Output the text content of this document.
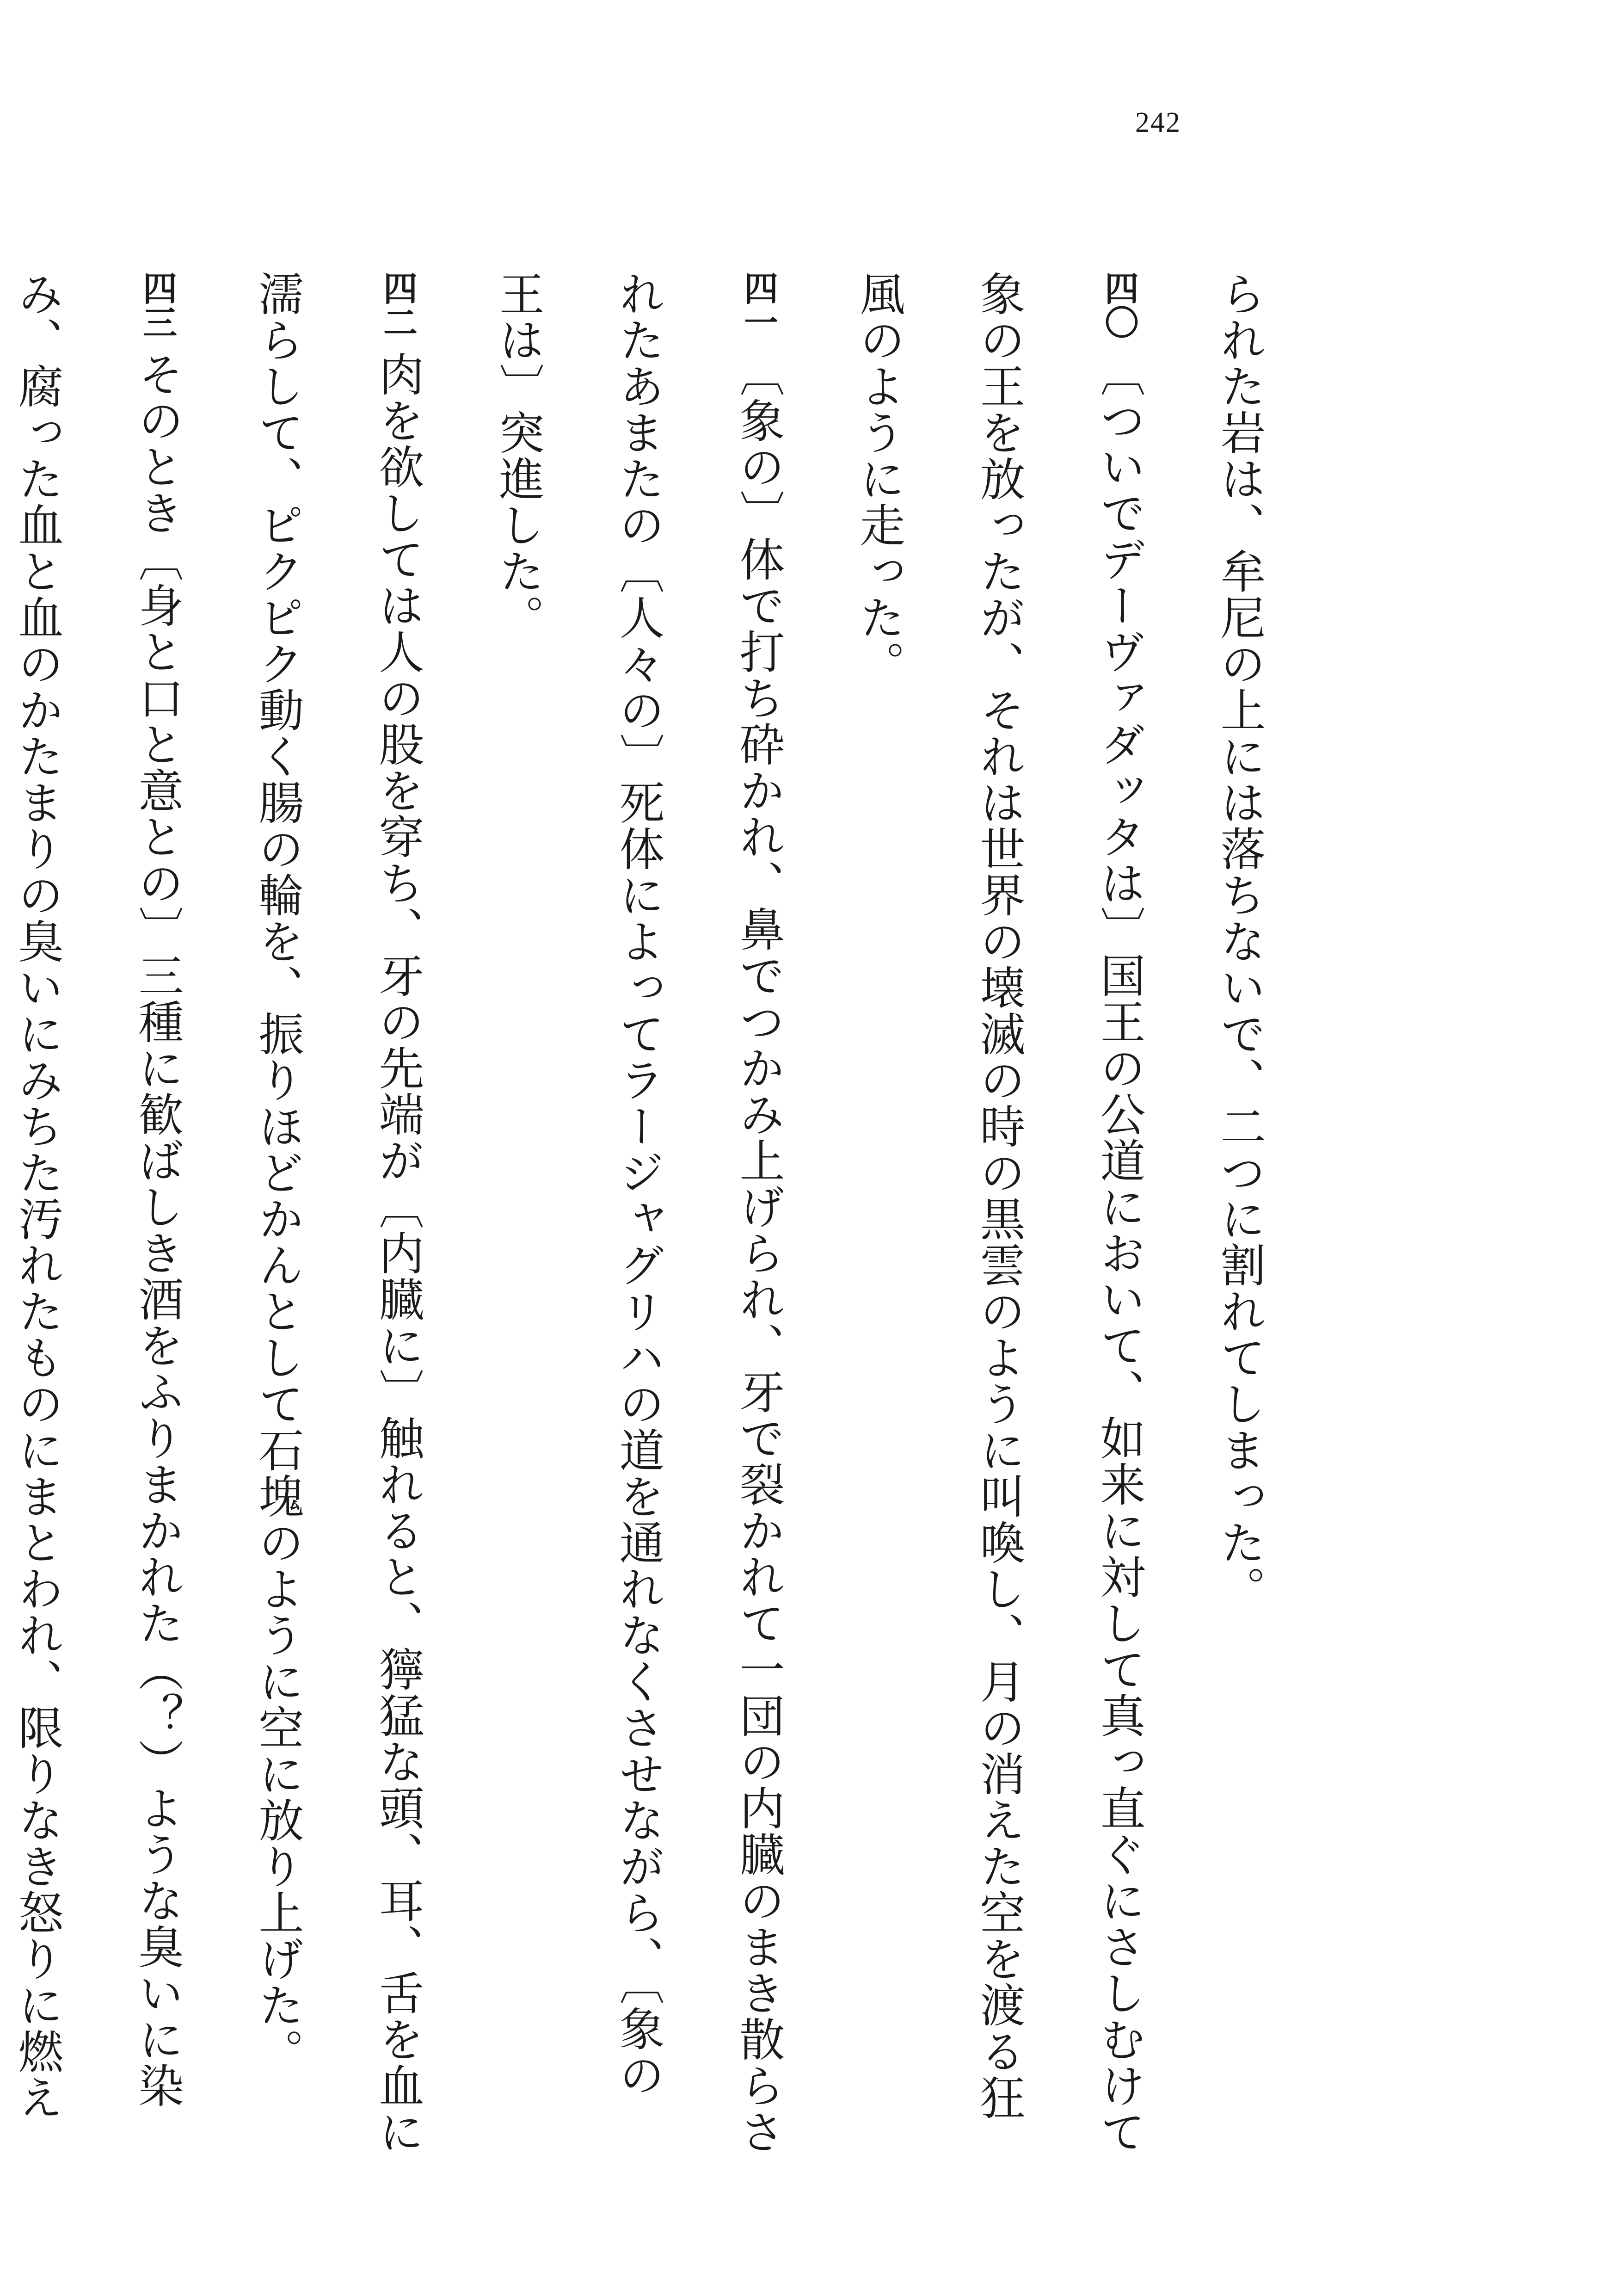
242
られた岩は、牟尼の上には落ちないで、二つに割れてしまった。
四〇〔ついでデーヴァダッタは〕国王の公道において、如来に対して真っ直ぐにさしむけて
象の王を放ったが、それは世界の壊滅の時の黒雲のように叫喚し、月の消えた空を渡る狂
風のように走った。
四一〔象の〕体で打ち砕かれ、鼻でつかみ上げられ、牙で裂かれて一団の内臓のまき散らさ
れたあまたの〔人々の〕死体によってラージャグリハの道を通れなくさせながら、〔象の
王は〕突進した。
四二肉を欲しては人の股を穿ち、牙の先端が〔内臓に〕触れると、獰猛な頭、耳、舌を血に
濡らして、ピクピク動く腸の輪を、振りほどかんとして石塊のように空に放り上げた。
四三そのとき〔身と口と意との〕三種に歓ばしき酒をふりまかれた（？）ような臭いに染
み、腐った血と血のかたまりの臭いにみちた汚れたものにまとわれ、限りなき怒りに燃え
